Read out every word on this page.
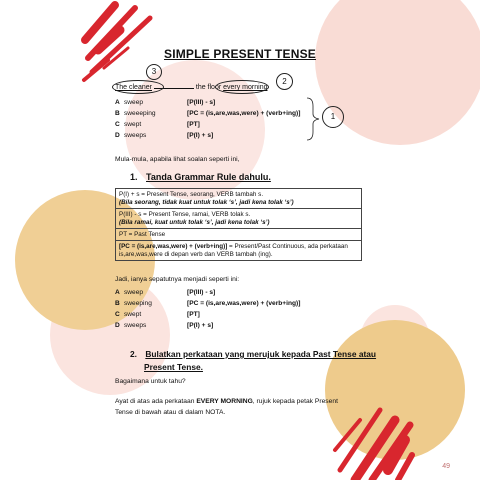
SIMPLE PRESENT TENSE
The cleaner	the floor every morning
3
2
1
A sweep	[P(III) - s]
B sweeeping	[PC = (is,are,was,were) + (verb+ing)]
C swept	[PT]
D sweeps	[P(I) + s]
Mula-mula, apabila lihat soalan seperti ini,
1. Tanda Grammar Rule dahulu.
P(I) + s = Present Tense, seorang, VERB tambah s.
(Bila seorang, tidak kuat untuk tolak ‘s’, jadi kena tolak ‘s’)

P(III) - s = Present Tense, ramai, VERB tolak s.
(Bila ramai, kuat untuk tolak ‘s’, jadi kena tolak ‘s’)

PT = Past Tense

[PC = (is,are,was,were) + (verb+ing)] = Present/Past Continuous, ada perkataan is,are,was,were di depan verb dan VERB tambah (ing).
Jadi, ianya sepatutnya menjadi seperti ini:
A sweep	[P(III) - s]
B sweeping	[PC = (is,are,was,were) + (verb+ing)]
C swept	[PT]
D sweeps	[P(I) + s]
2. Bulatkan perkataan yang merujuk kepada Past Tense atau
Present Tense.
Bagaimana untuk tahu?
Ayat di atas ada perkataan EVERY MORNING, rujuk kepada petak Present
Tense di bawah atau di dalam NOTA.
49
